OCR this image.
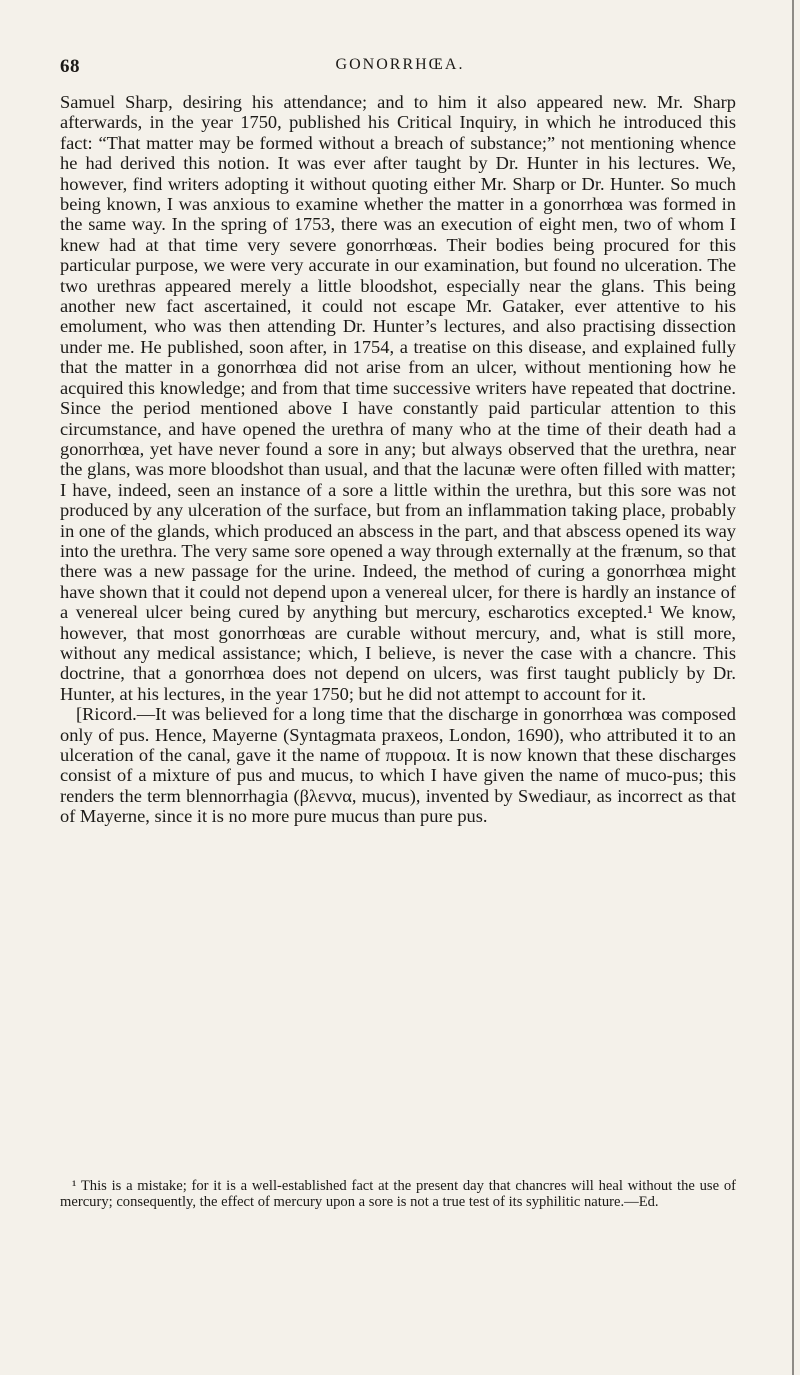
68	GONORRHŒA.

Samuel Sharp, desiring his attendance; and to him it also appeared new. Mr. Sharp afterwards, in the year 1750, published his Critical Inquiry, in which he introduced this fact: “That matter may be formed without a breach of substance;” not mentioning whence he had derived this notion. It was ever after taught by Dr. Hunter in his lectures. We, however, find writers adopting it without quoting either Mr. Sharp or Dr. Hunter. So much being known, I was anxious to examine whether the matter in a gonorrhœa was formed in the same way. In the spring of 1753, there was an execution of eight men, two of whom I knew had at that time very severe gonorrhœas. Their bodies being procured for this particular purpose, we were very accurate in our examination, but found no ulceration. The two urethras appeared merely a little bloodshot, especially near the glans. This being another new fact ascertained, it could not escape Mr. Gataker, ever attentive to his emolument, who was then attending Dr. Hunter’s lectures, and also practising dissection under me. He published, soon after, in 1754, a treatise on this disease, and explained fully that the matter in a gonorrhœa did not arise from an ulcer, without mentioning how he acquired this knowledge; and from that time successive writers have repeated that doctrine. Since the period mentioned above I have constantly paid particular attention to this circumstance, and have opened the urethra of many who at the time of their death had a gonorrhœa, yet have never found a sore in any; but always observed that the urethra, near the glans, was more bloodshot than usual, and that the lacunæ were often filled with matter; I have, indeed, seen an instance of a sore a little within the urethra, but this sore was not produced by any ulceration of the surface, but from an inflammation taking place, probably in one of the glands, which produced an abscess in the part, and that abscess opened its way into the urethra. The very same sore opened a way through externally at the frænum, so that there was a new passage for the urine. Indeed, the method of curing a gonorrhœa might have shown that it could not depend upon a venereal ulcer, for there is hardly an instance of a venereal ulcer being cured by anything but mercury, escharotics excepted.¹ We know, however, that most gonorrhœas are curable without mercury, and, what is still more, without any medical assistance; which, I believe, is never the case with a chancre. This doctrine, that a gonorrhœa does not depend on ulcers, was first taught publicly by Dr. Hunter, at his lectures, in the year 1750; but he did not attempt to account for it.

[Ricord.—It was believed for a long time that the discharge in gonorrhœa was composed only of pus. Hence, Mayerne (Syntagmata praxeos, London, 1690), who attributed it to an ulceration of the canal, gave it the name of πυρροια. It is now known that these discharges consist of a mixture of pus and mucus, to which I have given the name of muco-pus; this renders the term blennorrhagia (βλεννα, mucus), invented by Swediaur, as incorrect as that of Mayerne, since it is no more pure mucus than pure pus.

¹ This is a mistake; for it is a well-established fact at the present day that chancres will heal without the use of mercury; consequently, the effect of mercury upon a sore is not a true test of its syphilitic nature.—Ed.
